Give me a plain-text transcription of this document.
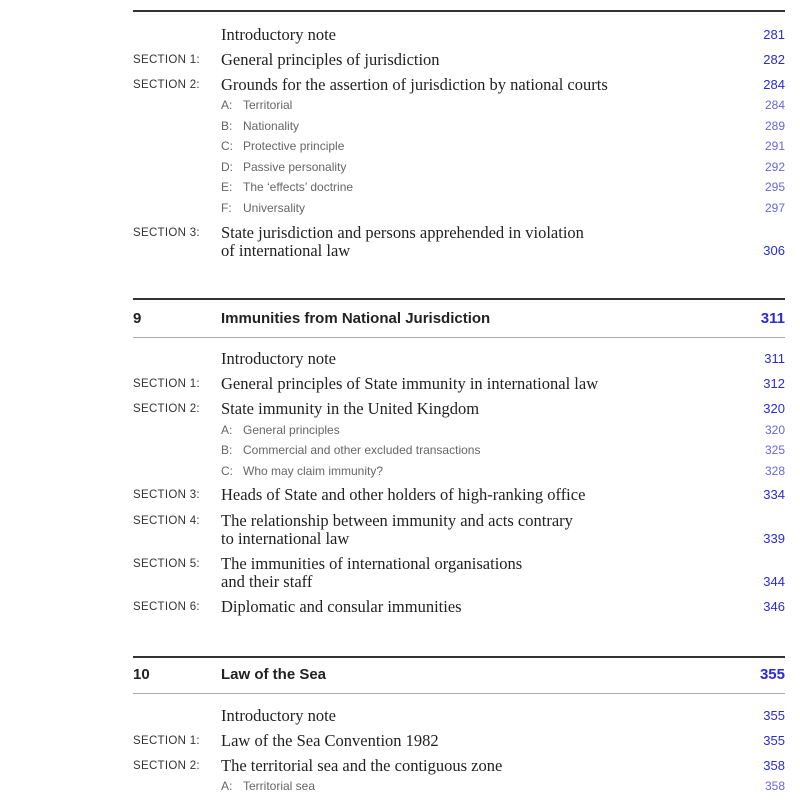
Introductory note	281
SECTION 1: General principles of jurisdiction	282
SECTION 2: Grounds for the assertion of jurisdiction by national courts	284
A: Territorial	284
B: Nationality	289
C: Protective principle	291
D: Passive personality	292
E: The ‘effects’ doctrine	295
F: Universality	297
SECTION 3: State jurisdiction and persons apprehended in violation
of international law	306
9	Immunities from National Jurisdiction	311
Introductory note	311
SECTION 1: General principles of State immunity in international law	312
SECTION 2: State immunity in the United Kingdom	320
A: General principles	320
B: Commercial and other excluded transactions	325
C: Who may claim immunity?	328
SECTION 3: Heads of State and other holders of high-ranking office	334
SECTION 4: The relationship between immunity and acts contrary
to international law	339
SECTION 5: The immunities of international organisations
and their staff	344
SECTION 6: Diplomatic and consular immunities	346
10	Law of the Sea	355
Introductory note	355
SECTION 1: Law of the Sea Convention 1982	355
SECTION 2: The territorial sea and the contiguous zone	358
A: Territorial sea	358
